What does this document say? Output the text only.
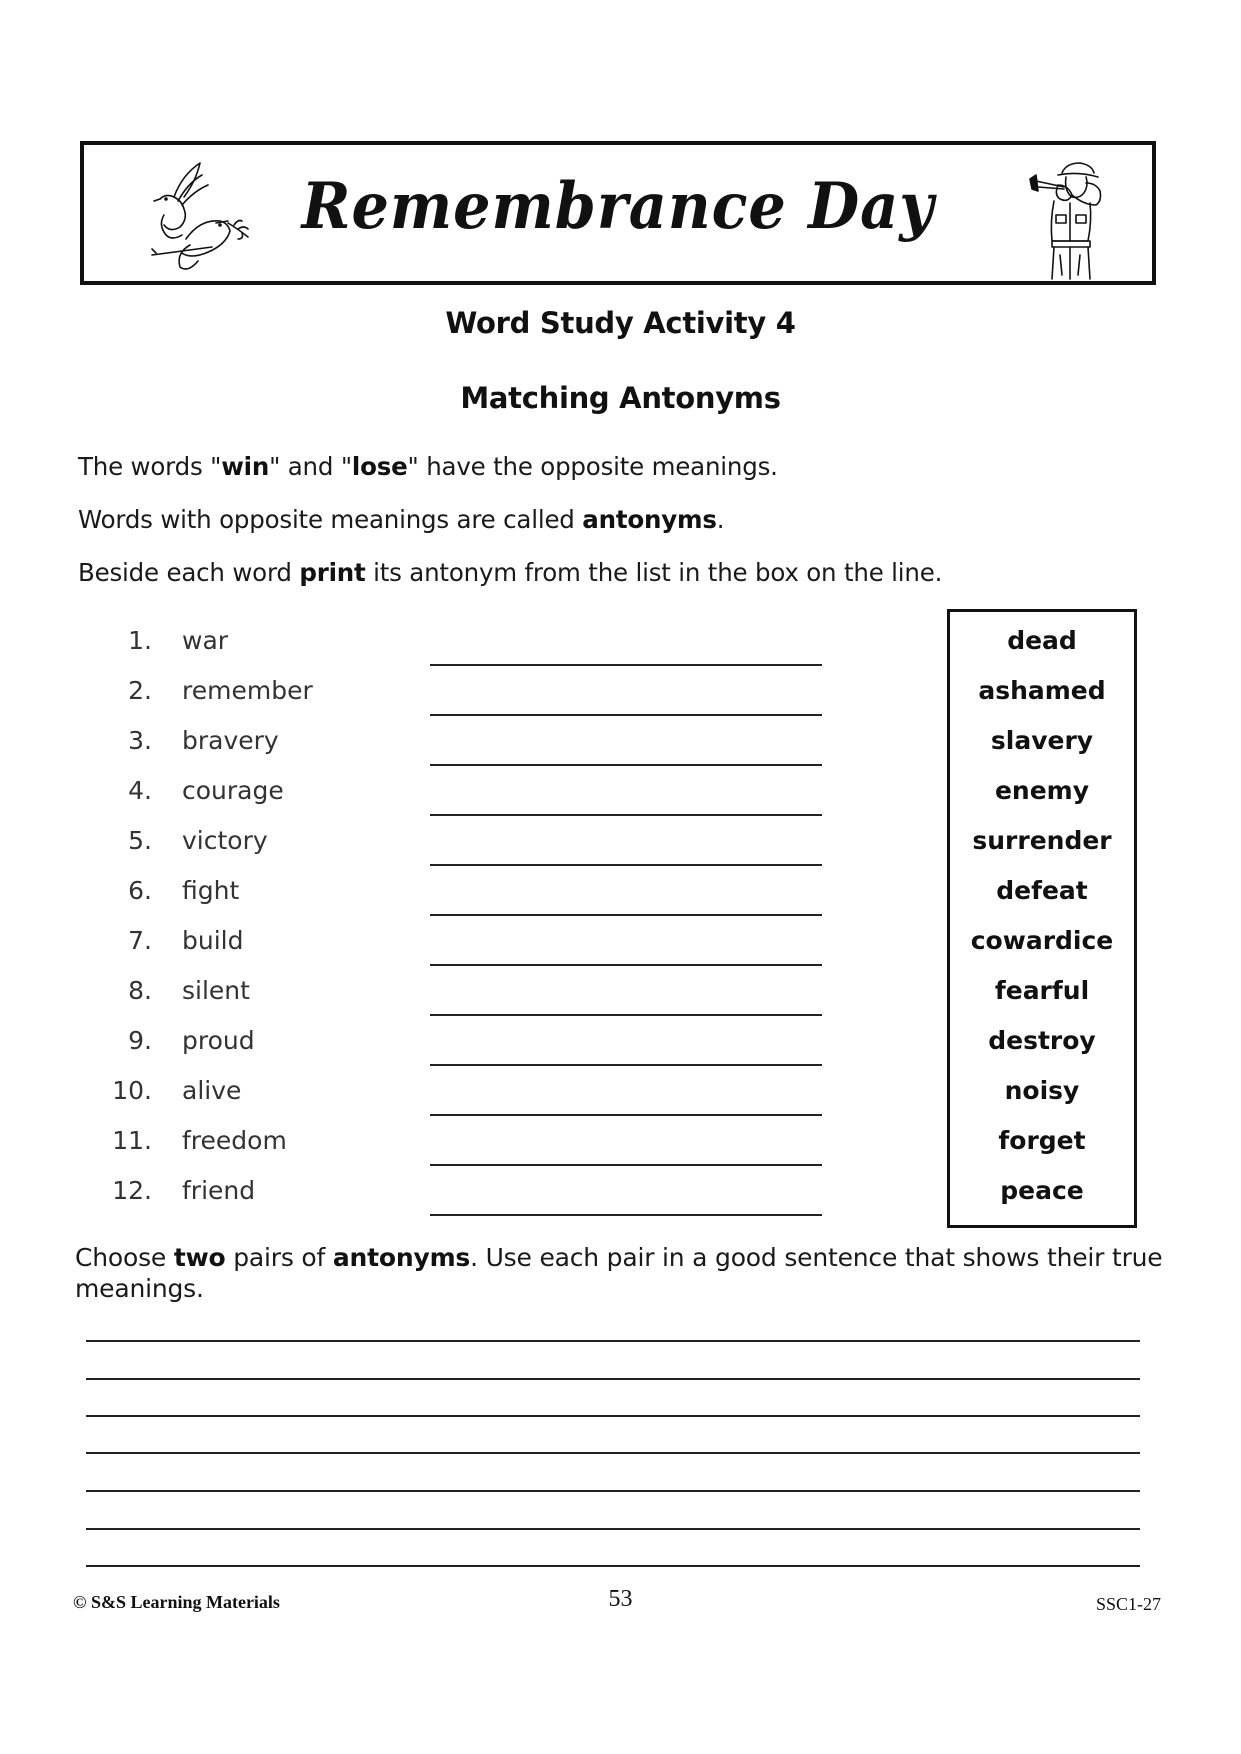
Remembrance Day
Word Study Activity 4
Matching Antonyms
The words "win" and "lose" have the opposite meanings.
Words with opposite meanings are called antonyms.
Beside each word print its antonym from the list in the box on the line.
1. war
2. remember
3. bravery
4. courage
5. victory
6. fight
7. build
8. silent
9. proud
10. alive
11. freedom
12. friend
dead
ashamed
slavery
enemy
surrender
defeat
cowardice
fearful
destroy
noisy
forget
peace
Choose two pairs of antonyms. Use each pair in a good sentence that shows their true meanings.
© S&S Learning Materials	53	SSC1-27
